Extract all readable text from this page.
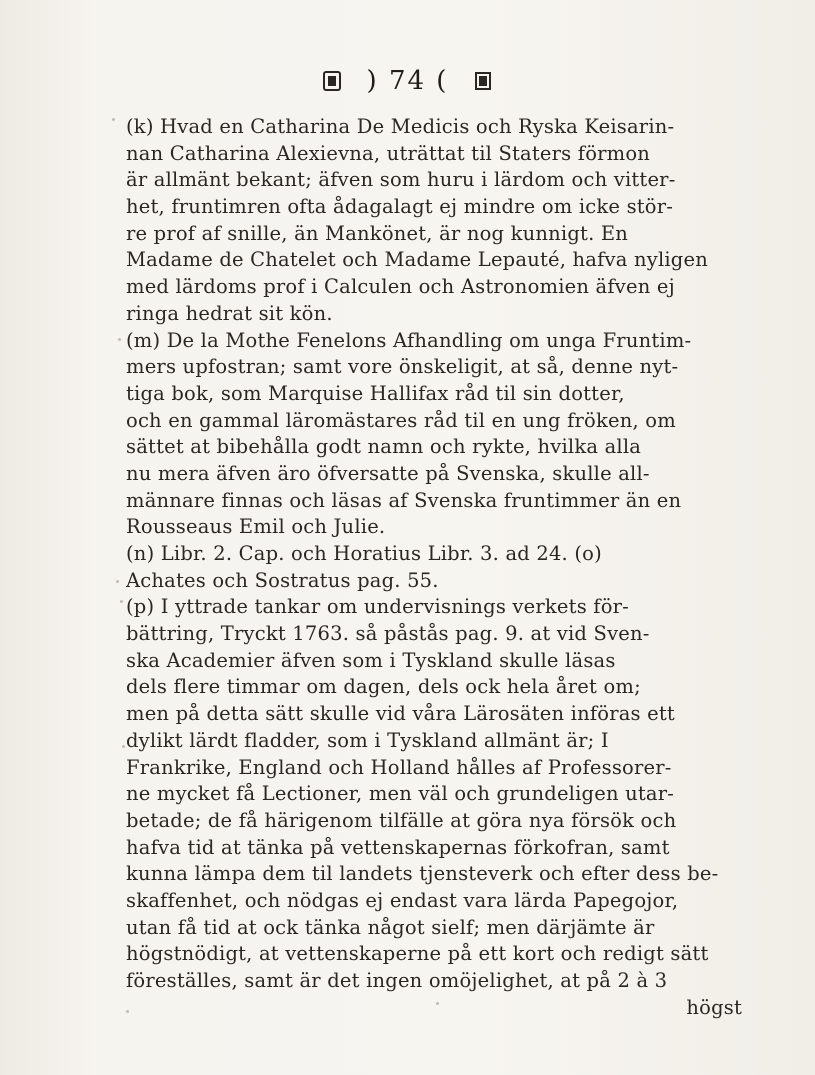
) 74 (
(k) Hvad en Catharina De Medicis och Ryska Keisarin-
nan Catharina Alexievna, uträttat til Staters förmon
är allmänt bekant; äfven som huru i lärdom och vitter-
het, fruntimren ofta ådagalagt ej mindre om icke stör-
re prof af snille, än Mankönet, är nog kunnigt. En
Madame de Chatelet och Madame Lepauté, hafva nyligen
med lärdoms prof i Calculen och Astronomien äfven ej
ringa hedrat sit kön.
(m) De la Mothe Fenelons Afhandling om unga Fruntim-
mers upfostran; samt vore önskeligit, at så, denne nyt-
tiga bok, som Marquise Hallifax råd til sin dotter,
och en gammal läromästares råd til en ung fröken, om
sättet at bibehålla godt namn och rykte, hvilka alla
nu mera äfven äro öfversatte på Svenska, skulle all-
männare finnas och läsas af Svenska fruntimmer än en
Rousseaus Emil och Julie.
(n) Libr. 2. Cap. och Horatius Libr. 3. ad 24. (o)
Achates och Sostratus pag. 55.
(p) I yttrade tankar om undervisnings verkets för-
bättring, Tryckt 1763. så påstås pag. 9. at vid Sven-
ska Academier äfven som i Tyskland skulle läsas
dels flere timmar om dagen, dels ock hela året om;
men på detta sätt skulle vid våra Lärosäten införas ett
dylikt lärdt fladder, som i Tyskland allmänt är; I
Frankrike, England och Holland hålles af Professorer-
ne mycket få Lectioner, men väl och grundeligen utar-
betade; de få härigenom tilfälle at göra nya försök och
hafva tid at tänka på vettenskapernas förkofran, samt
kunna lämpa dem til landets tjensteverk och efter dess be-
skaffenhet, och nödgas ej endast vara lärda Papegojor,
utan få tid at ock tänka något sielf; men därjämte är
högstnödigt, at vettenskaperne på ett kort och redigt sätt
föreställes, samt är det ingen omöjelighet, at på 2 à 3
högst
